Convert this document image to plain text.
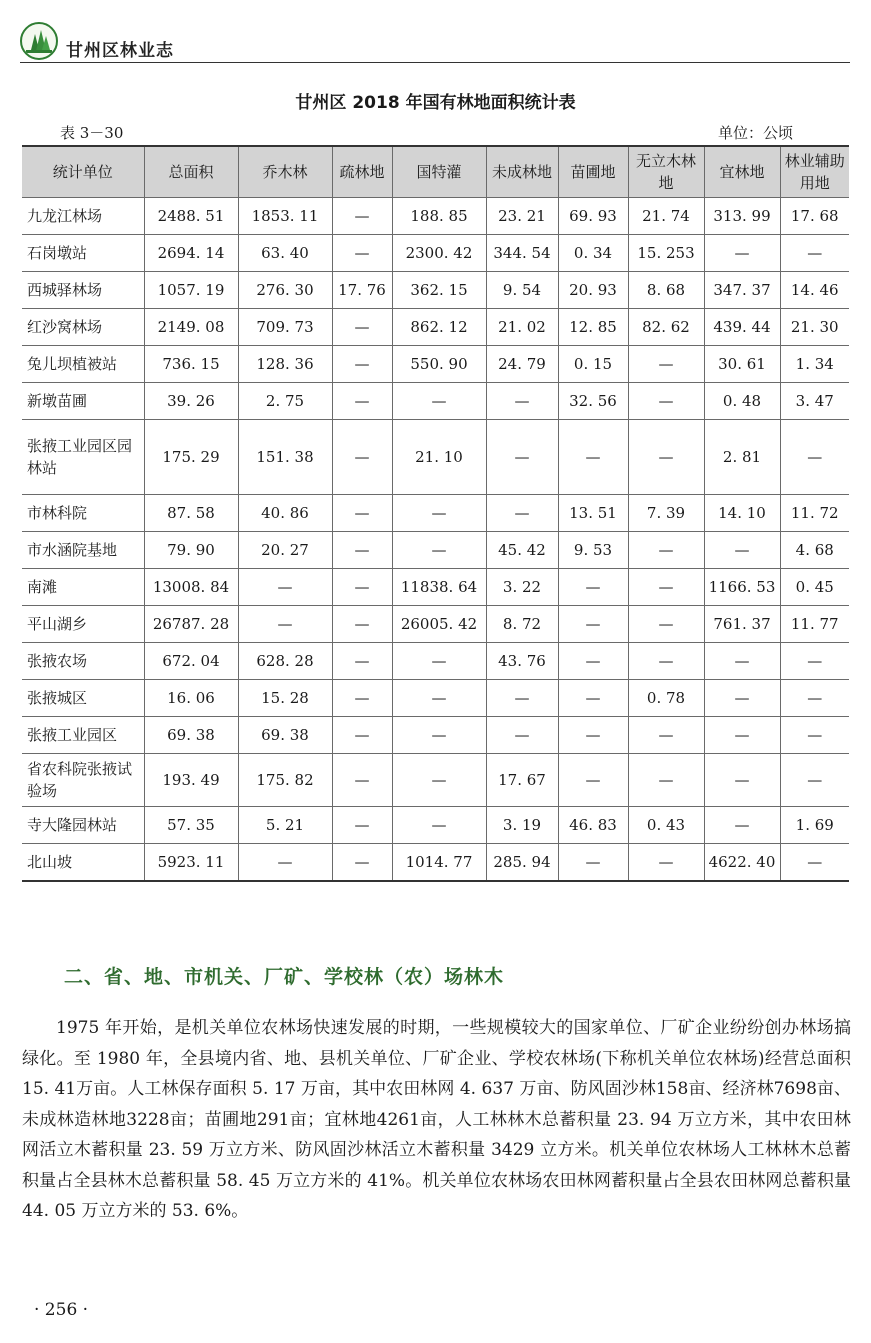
甘州区林业志
甘州区 2018 年国有林地面积统计表
表 3－30	单位：公顷
统计单位	总面积	乔木林	疏林地	国特灌	未成林地	苗圃地	无立木林地	宜林地	林业辅助用地
九龙江林场	2488. 51	1853. 11	—	188. 85	23. 21	69. 93	21. 74	313. 99	17. 68
石岗墩站	2694. 14	63. 40	—	2300. 42	344. 54	0. 34	15. 253	—	—
西城驿林场	1057. 19	276. 30	17. 76	362. 15	9. 54	20. 93	8. 68	347. 37	14. 46
红沙窝林场	2149. 08	709. 73	—	862. 12	21. 02	12. 85	82. 62	439. 44	21. 30
兔儿坝植被站	736. 15	128. 36	—	550. 90	24. 79	0. 15	—	30. 61	1. 34
新墩苗圃	39. 26	2. 75	—	—	—	32. 56	—	0. 48	3. 47
张掖工业园区园林站	175. 29	151. 38	—	21. 10	—	—	—	2. 81	—
市林科院	87. 58	40. 86	—	—	—	13. 51	7. 39	14. 10	11. 72
市水涵院基地	79. 90	20. 27	—	—	45. 42	9. 53	—	—	4. 68
南滩	13008. 84	—	—	11838. 64	3. 22	—	—	1166. 53	0. 45
平山湖乡	26787. 28	—	—	26005. 42	8. 72	—	—	761. 37	11. 77
张掖农场	672. 04	628. 28	—	—	43. 76	—	—	—	—
张掖城区	16. 06	15. 28	—	—	—	—	0. 78	—	—
张掖工业园区	69. 38	69. 38	—	—	—	—	—	—	—
省农科院张掖试验场	193. 49	175. 82	—	—	17. 67	—	—	—	—
寺大隆园林站	57. 35	5. 21	—	—	3. 19	46. 83	0. 43	—	1. 69
北山坡	5923. 11	—	—	1014. 77	285. 94	—	—	4622. 40	—
二、省、地、市机关、厂矿、学校林（农）场林木
1975 年开始，是机关单位农林场快速发展的时期，一些规模较大的国家单位、厂矿企业纷纷创办林场搞绿化。至 1980 年，全县境内省、地、县机关单位、厂矿企业、学校农林场(下称机关单位农林场)经营总面积15. 41万亩。人工林保存面积 5. 17 万亩，其中农田林网 4. 637 万亩、防风固沙林158亩、经济林7698亩、未成林造林地3228亩；苗圃地291亩；宜林地4261亩，人工林林木总蓄积量 23. 94 万立方米，其中农田林网活立木蓄积量 23. 59 万立方米、防风固沙林活立木蓄积量 3429 立方米。机关单位农林场人工林林木总蓄积量占全县林木总蓄积量 58. 45 万立方米的 41%。机关单位农林场农田林网蓄积量占全县农田林网总蓄积量 44. 05 万立方米的 53. 6%。
· 256 ·
